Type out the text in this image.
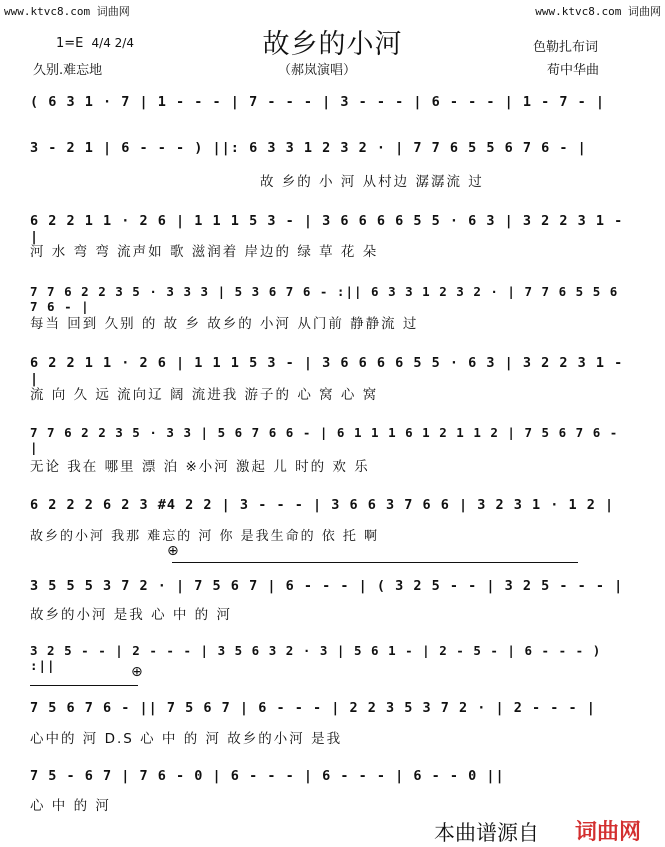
www.ktvc8.com 词曲网	www.ktvc8.com 词曲网
故乡的小河
1=E 4/4 2/4	色勒扎布词
久别.难忘地	（郝岚演唱）	荀中华曲
( 6 3 1 · 7 | 1 - - - | 7 - - - | 3 - - - | 6 - - - | 1 - 7 - |
3 - 2 1 | 6 - - - ) ||: 6 3 3 1 2 3 2 · | 7 7 6 5 5 6 7 6 - |
故 乡的 小 河 从村边 潺潺流 过
6 2 2 1 1 · 2 6 | 1 1 1 5 3 - | 3 6 6 6 6 5 5 · 6 3 | 3 2 2 3 1 - |
河 水 弯 弯 流声如 歌 滋润着 岸边的 绿 草 花 朵
7 7 6 2 2 3 5 · 3 3 3 | 5 3 6 7 6 - :|| 6 3 3 1 2 3 2 · | 7 7 6 5 5 6 7 6 - |
每当 回到 久别 的 故 乡 故乡的 小河 从门前 静静流 过
6 2 2 1 1 · 2 6 | 1 1 1 5 3 - | 3 6 6 6 6 5 5 · 6 3 | 3 2 2 3 1 - |
流 向 久 远 流向辽 阔 流进我 游子的 心 窝 心 窝
7 7 6 2 2 3 5 · 3 3 | 5 6 7 6 6 - | 6 1 1 1 6 1 2 1 1 2 | 7 5 6 7 6 - |
无论 我在 哪里 漂 泊 ※小河 激起 儿 时的 欢 乐
6 2 2 2 6 2 3 #4 2 2 | 3 - - - | 3 6 6 3 7 6 6 | 3 2 3 1 · 1 2 |
故乡的小河 我那 难忘的 河 你 是我生命的 依 托 啊
⊕
3 5 5 5 3 7 2 · | 7 5 6 7 | 6 - - - | ( 3 2 5 - - | 3 2 5 - - - |
故乡的小河 是我 心 中 的 河
3 2 5 - - | 2 - - - | 3 5 6 3 2 · 3 | 5 6 1 - | 2 - 5 - | 6 - - - ) :||	⊕
7 5 6 7 6 - || 7 5 6 7 | 6 - - - | 2 2 3 5 3 7 2 · | 2 - - - |
心中的 河 D.S 心 中 的 河 故乡的小河 是我
7 5 - 6 7 | 7 6 - 0 | 6 - - - | 6 - - - | 6 - - 0 ||
心 中 的 河
本曲谱源自 词曲网
